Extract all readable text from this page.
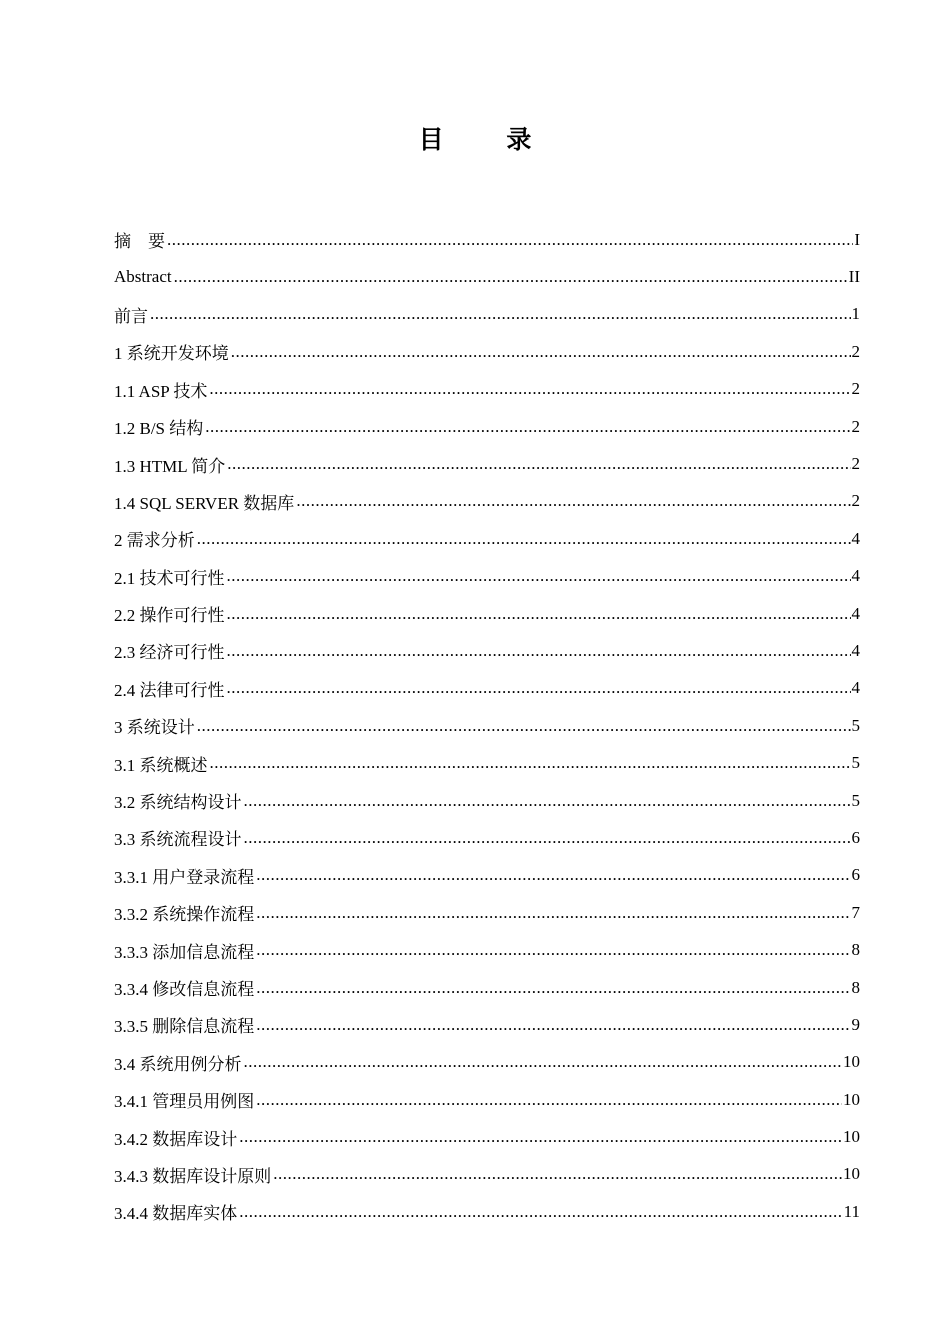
目 录
摘　要 .....	I
Abstract .....	II
前言 .....	1
1 系统开发环境 .....	2
1.1 ASP 技术 .....	2
1.2 B/S 结构 .....	2
1.3 HTML 简介 .....	2
1.4 SQL SERVER 数据库 .....	2
2 需求分析 .....	4
2.1 技术可行性 .....	4
2.2 操作可行性 .....	4
2.3 经济可行性 .....	4
2.4 法律可行性 .....	4
3 系统设计 .....	5
3.1 系统概述 .....	5
3.2 系统结构设计 .....	5
3.3 系统流程设计 .....	6
3.3.1 用户登录流程 .....	6
3.3.2 系统操作流程 .....	7
3.3.3 添加信息流程 .....	8
3.3.4 修改信息流程 .....	8
3.3.5 删除信息流程 .....	9
3.4 系统用例分析 .....	10
3.4.1 管理员用例图 .....	10
3.4.2 数据库设计 .....	10
3.4.3 数据库设计原则 .....	10
3.4.4 数据库实体 .....	11
